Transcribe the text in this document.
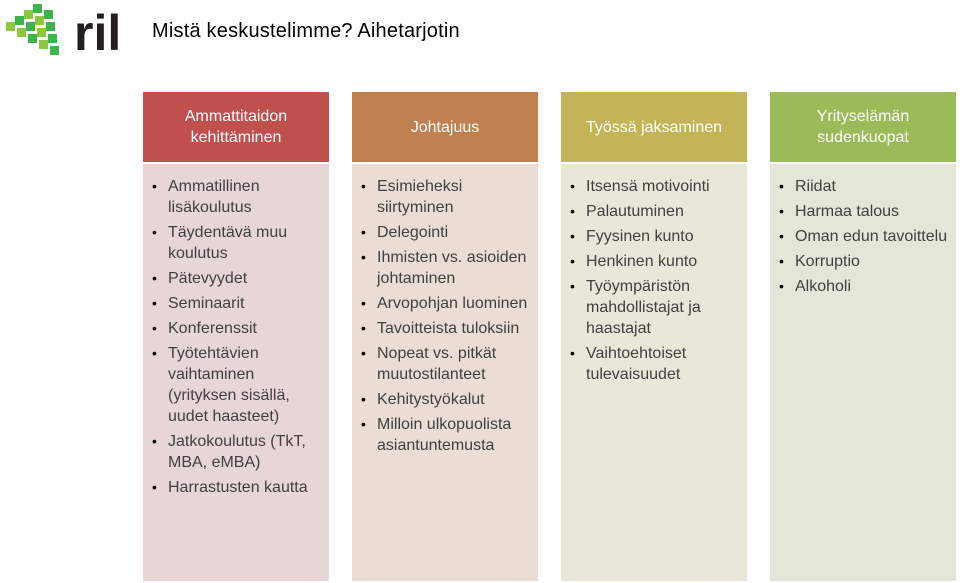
ril Mistä keskustelimme? Aihetarjotin
Ammattitaidon kehittäminen
• Ammatillinen lisäkoulutus
• Täydentävä muu koulutus
• Pätevyydet
• Seminaarit
• Konferenssit
• Työtehtävien vaihtaminen (yrityksen sisällä, uudet haasteet)
• Jatkokoulutus (TkT, MBA, eMBA)
• Harrastusten kautta
Johtajuus
• Esimieheksi siirtyminen
• Delegointi
• Ihmisten vs. asioiden johtaminen
• Arvopohjan luominen
• Tavoitteista tuloksiin
• Nopeat vs. pitkät muutostilanteet
• Kehitystyökalut
• Milloin ulkopuolista asiantuntemusta
Työssä jaksaminen
• Itsensä motivointi
• Palautuminen
• Fyysinen kunto
• Henkinen kunto
• Työympäristön mahdollistajat ja haastajat
• Vaihtoehtoiset tulevaisuudet
Yrityselämän sudenkuopat
• Riidat
• Harmaa talous
• Oman edun tavoittelu
• Korruptio
• Alkoholi
